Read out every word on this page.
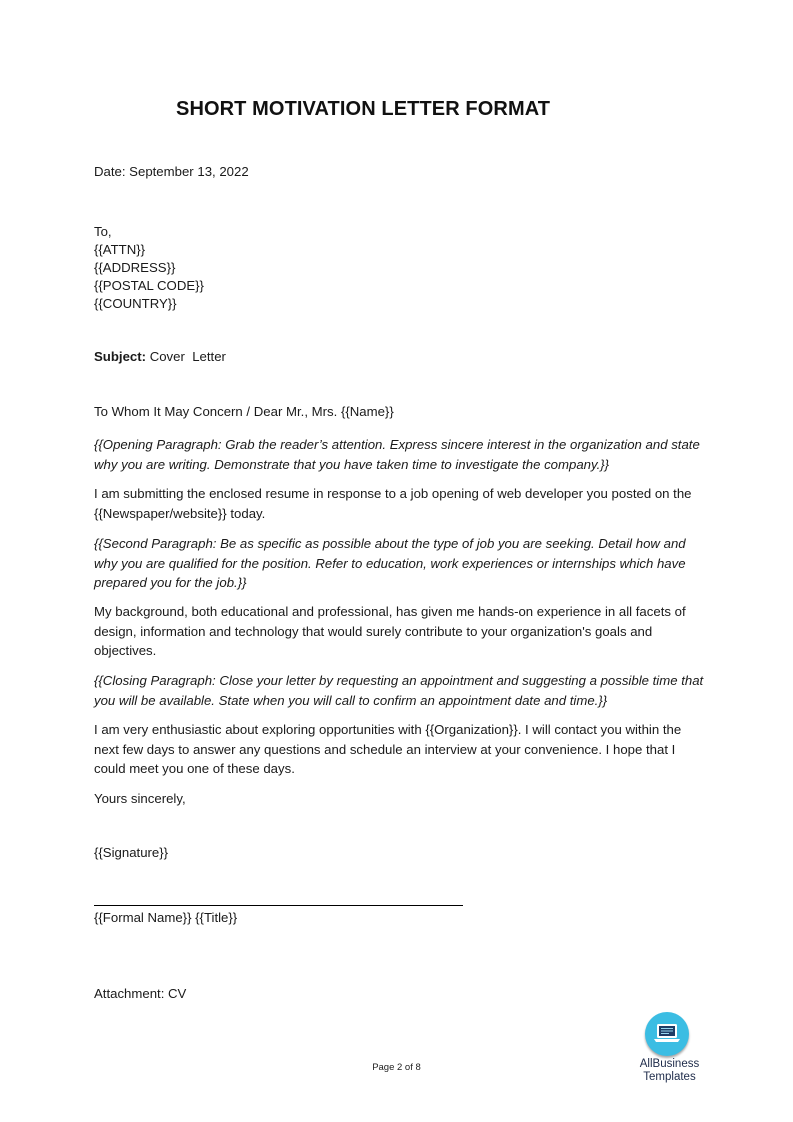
SHORT MOTIVATION LETTER FORMAT
Date: September 13, 2022
To,
{{ATTN}}
{{ADDRESS}}
{{POSTAL CODE}}
{{COUNTRY}}
Subject: Cover  Letter
To Whom It May Concern / Dear Mr., Mrs. {{Name}}
{{Opening Paragraph: Grab the reader’s attention. Express sincere interest in the organization and state why you are writing. Demonstrate that you have taken time to investigate the company.}}
I am submitting the enclosed resume in response to a job opening of web developer you posted on the {{Newspaper/website}} today.
{{Second Paragraph: Be as specific as possible about the type of job you are seeking. Detail how and why you are qualified for the position. Refer to education, work experiences or internships which have prepared you for the job.}}
My background, both educational and professional, has given me hands-on experience in all facets of design, information and technology that would surely contribute to your organization's goals and objectives.
{{Closing Paragraph: Close your letter by requesting an appointment and suggesting a possible time that you will be available. State when you will call to confirm an appointment date and time.}}
I am very enthusiastic about exploring opportunities with {{Organization}}. I will contact you within the next few days to answer any questions and schedule an interview at your convenience. I hope that I could meet you one of these days.
Yours sincerely,
{{Signature}}
{{Formal Name}} {{Title}}
Attachment: CV
Page 2 of 8	AllBusiness
Templates
